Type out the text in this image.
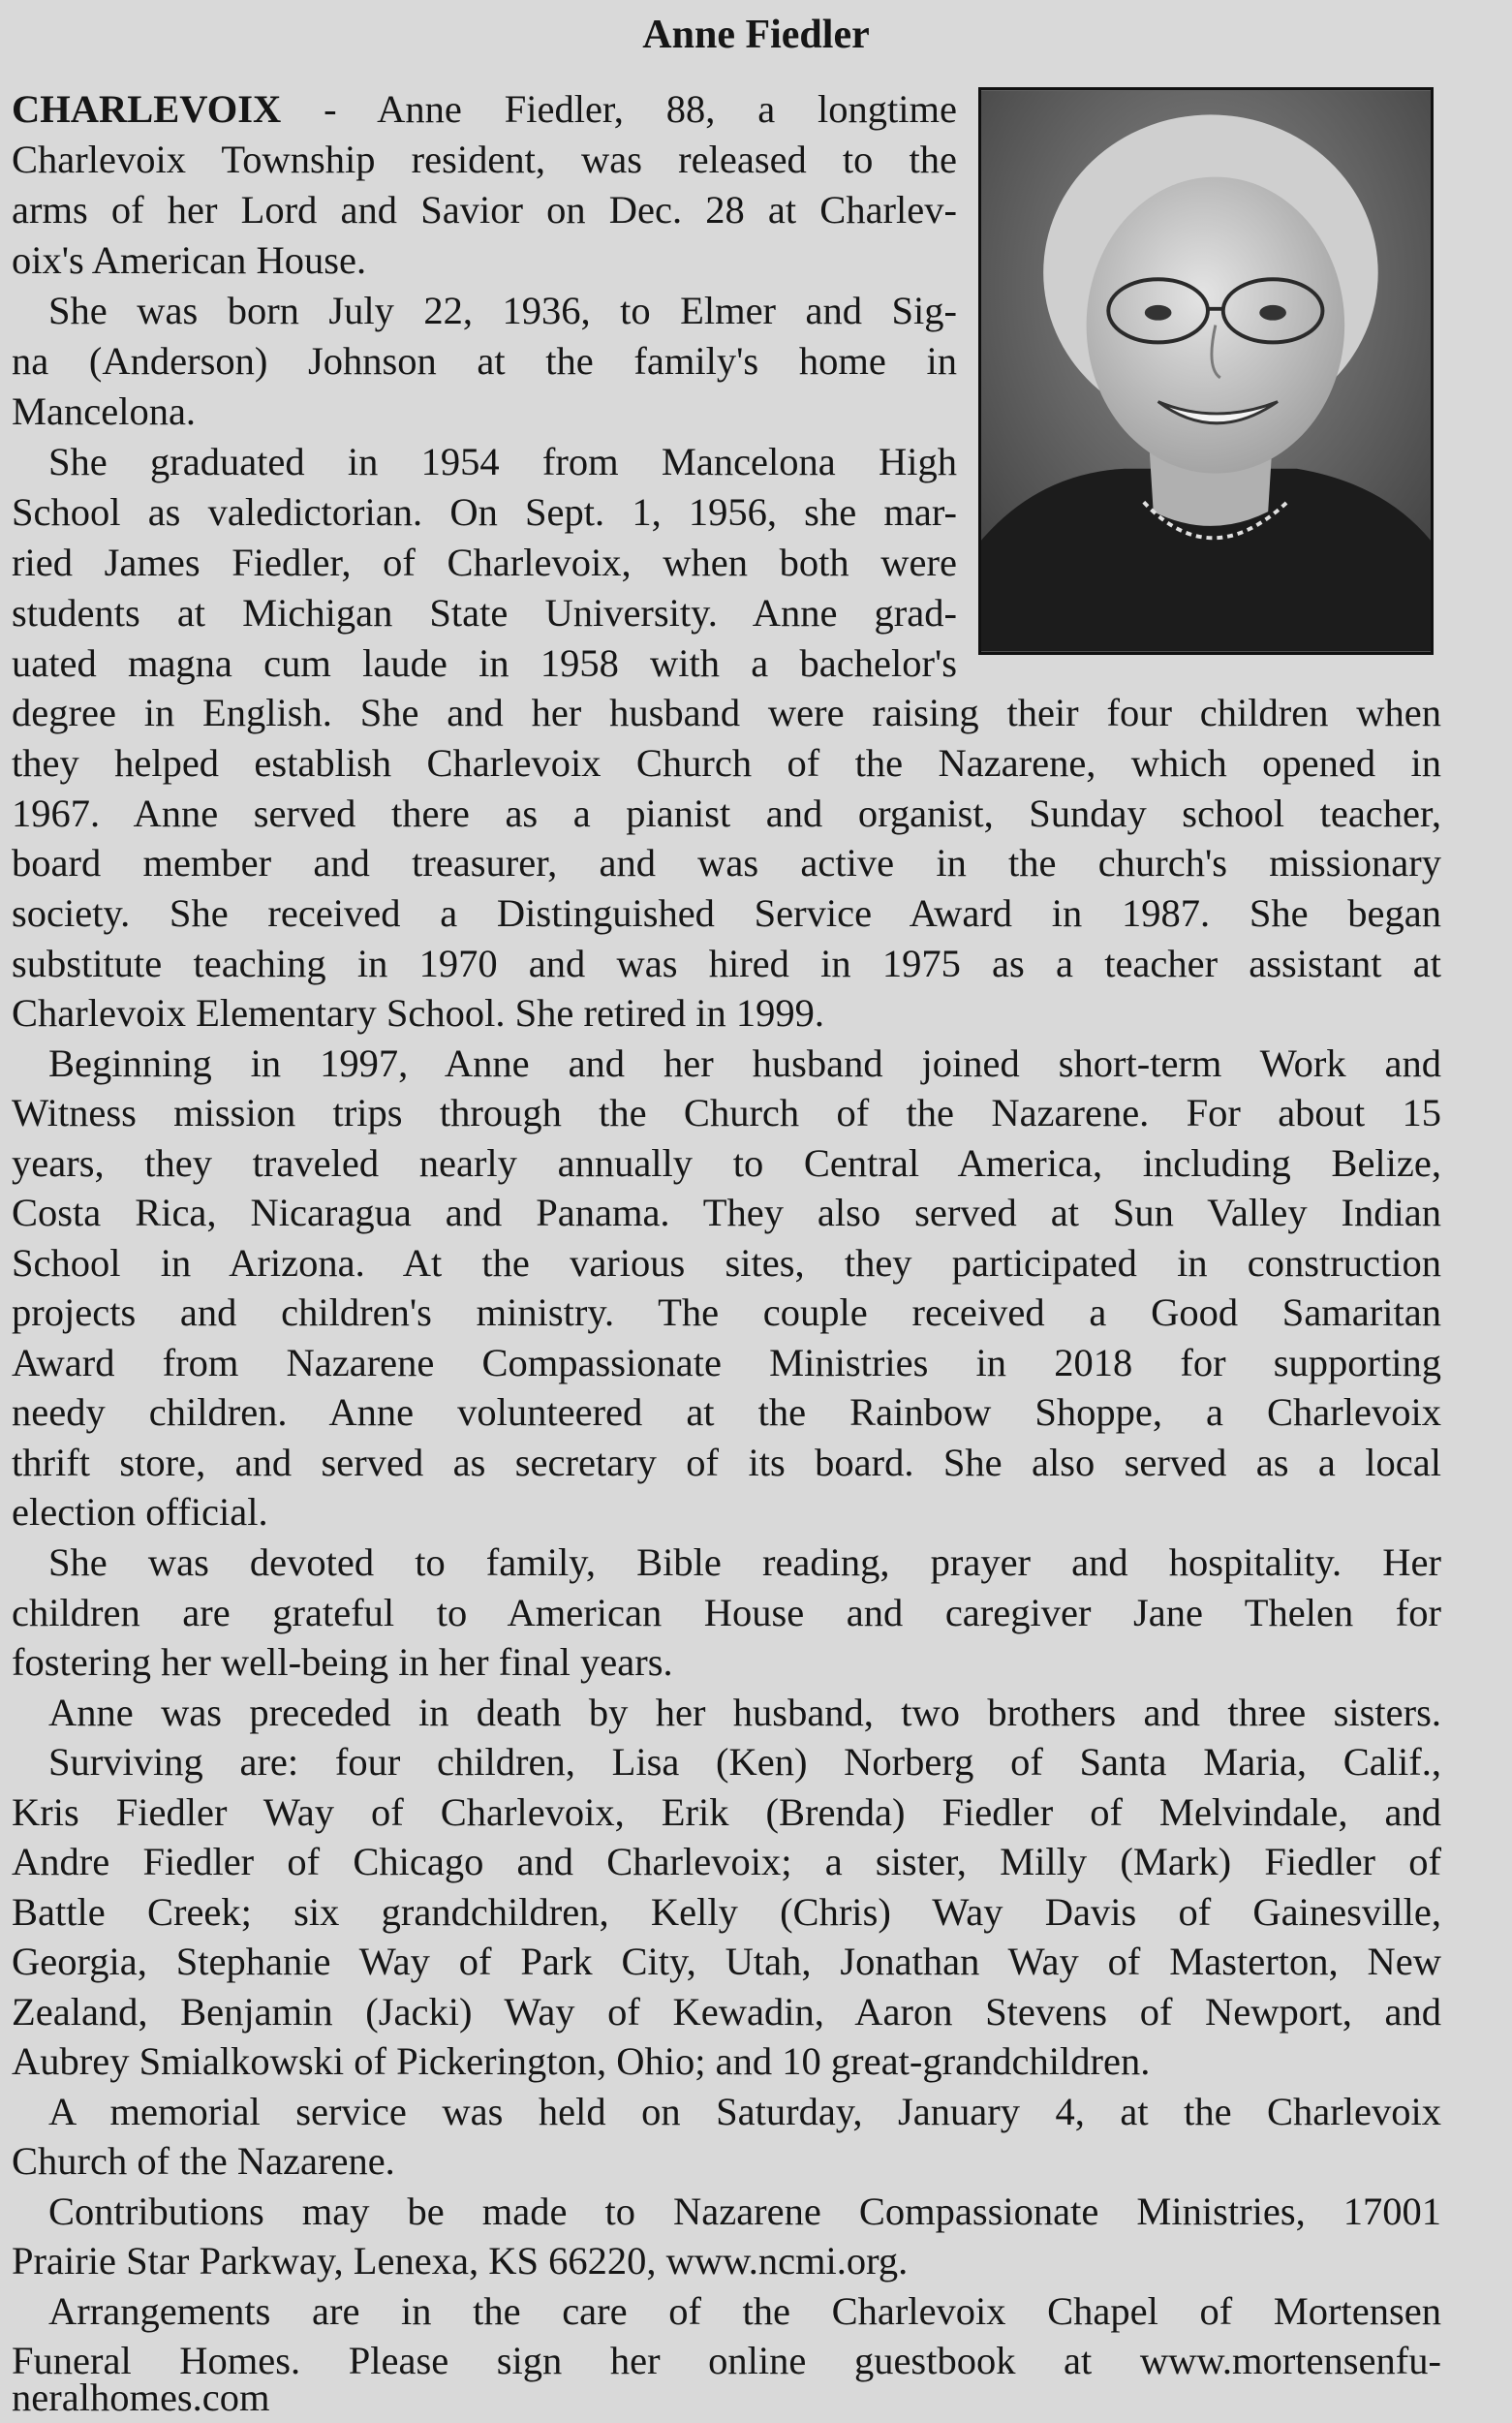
Anne Fiedler
CHARLEVOIX - Anne Fiedler, 88, a longtime
Charlevoix Township resident, was released to the
arms of her Lord and Savior on Dec. 28 at Charlev-
oix's American House.
She was born July 22, 1936, to Elmer and Sig-
na (Anderson) Johnson at the family's home in
Mancelona.
She graduated in 1954 from Mancelona High
School as valedictorian. On Sept. 1, 1956, she mar-
ried James Fiedler, of Charlevoix, when both were
students at Michigan State University. Anne grad-
uated magna cum laude in 1958 with a bachelor's
degree in English. She and her husband were raising their four children when
they helped establish Charlevoix Church of the Nazarene, which opened in
1967. Anne served there as a pianist and organist, Sunday school teacher,
board member and treasurer, and was active in the church's missionary
society. She received a Distinguished Service Award in 1987. She began
substitute teaching in 1970 and was hired in 1975 as a teacher assistant at
Charlevoix Elementary School. She retired in 1999.
Beginning in 1997, Anne and her husband joined short-term Work and
Witness mission trips through the Church of the Nazarene. For about 15
years, they traveled nearly annually to Central America, including Belize,
Costa Rica, Nicaragua and Panama. They also served at Sun Valley Indian
School in Arizona. At the various sites, they participated in construction
projects and children's ministry. The couple received a Good Samaritan
Award from Nazarene Compassionate Ministries in 2018 for supporting
needy children. Anne volunteered at the Rainbow Shoppe, a Charlevoix
thrift store, and served as secretary of its board. She also served as a local
election official.
She was devoted to family, Bible reading, prayer and hospitality. Her
children are grateful to American House and caregiver Jane Thelen for
fostering her well-being in her final years.
Anne was preceded in death by her husband, two brothers and three sisters.
Surviving are: four children, Lisa (Ken) Norberg of Santa Maria, Calif.,
Kris Fiedler Way of Charlevoix, Erik (Brenda) Fiedler of Melvindale, and
Andre Fiedler of Chicago and Charlevoix; a sister, Milly (Mark) Fiedler of
Battle Creek; six grandchildren, Kelly (Chris) Way Davis of Gainesville,
Georgia, Stephanie Way of Park City, Utah, Jonathan Way of Masterton, New
Zealand, Benjamin (Jacki) Way of Kewadin, Aaron Stevens of Newport, and
Aubrey Smialkowski of Pickerington, Ohio; and 10 great-grandchildren.
A memorial service was held on Saturday, January 4, at the Charlevoix
Church of the Nazarene.
Contributions may be made to Nazarene Compassionate Ministries, 17001
Prairie Star Parkway, Lenexa, KS 66220, www.ncmi.org.
Arrangements are in the care of the Charlevoix Chapel of Mortensen
Funeral Homes. Please sign her online guestbook at www.mortensenfu-
neralhomes.com
